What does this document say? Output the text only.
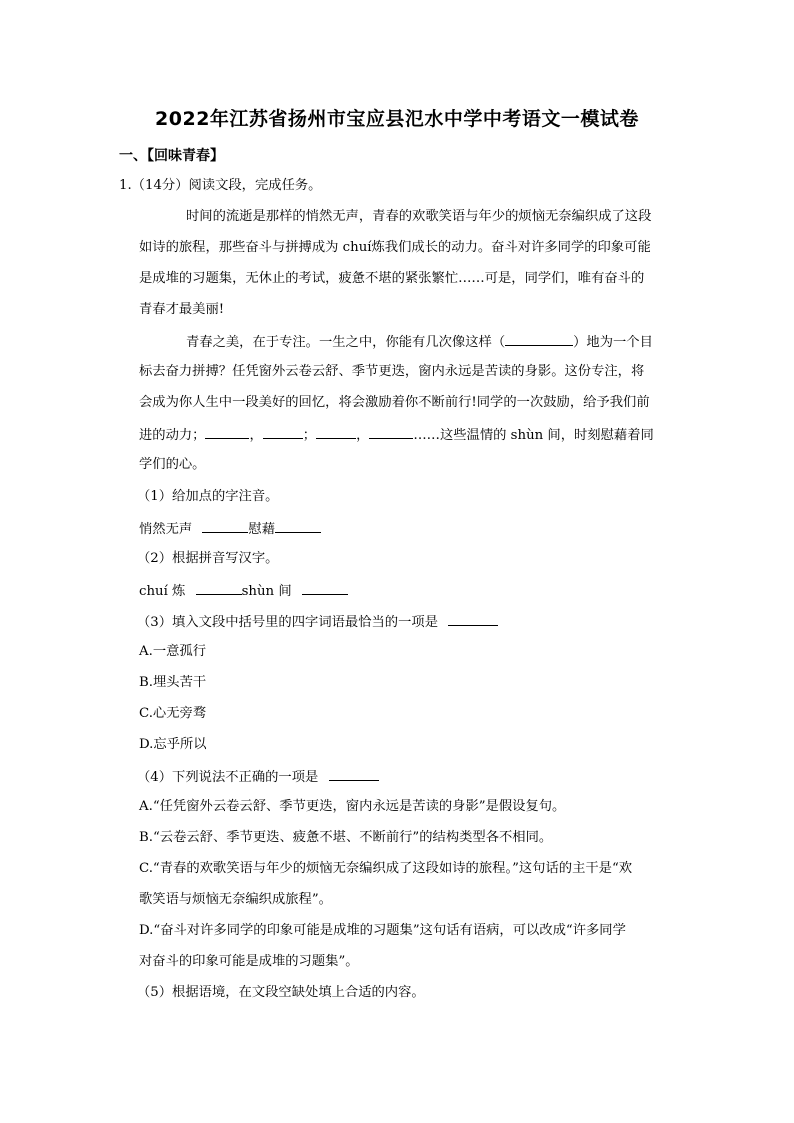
2022年江苏省扬州市宝应县氾水中学中考语文一模试卷
一、【回味青春】
1.（14分）阅读文段，完成任务。
时间的流逝是那样的悄然无声，青春的欢歌笑语与年少的烦恼无奈编织成了这段
如诗的旅程，那些奋斗与拼搏成为 chuí炼我们成长的动力。奋斗对许多同学的印象可能
是成堆的习题集，无休止的考试，疲惫不堪的紧张繁忙……可是，同学们，唯有奋斗的
青春才最美丽!
青春之美，在于专注。一生之中，你能有几次像这样（	）地为一个目
标去奋力拼搏？任凭窗外云卷云舒、季节更迭，窗内永远是苦读的身影。这份专注，将
会成为你人生中一段美好的回忆，将会激励着你不断前行!同学的一次鼓励，给予我们前
进的动力；	，	；	，	……这些温情的 shùn 间，时刻慰藉着同
学们的心。
（1）给加点的字注音。
悄然无声	慰藉
（2）根据拼音写汉字。
chuí 炼	shùn 间
（3）填入文段中括号里的四字词语最恰当的一项是
A.一意孤行
B.埋头苦干
C.心无旁骛
D.忘乎所以
（4）下列说法不正确的一项是
A.“任凭窗外云卷云舒、季节更迭，窗内永远是苦读的身影”是假设复句。
B.“云卷云舒、季节更迭、疲惫不堪、不断前行”的结构类型各不相同。
C.“青春的欢歌笑语与年少的烦恼无奈编织成了这段如诗的旅程。”这句话的主干是“欢
歌笑语与烦恼无奈编织成旅程”。
D.“奋斗对许多同学的印象可能是成堆的习题集”这句话有语病，可以改成“许多同学
对奋斗的印象可能是成堆的习题集”。
（5）根据语境，在文段空缺处填上合适的内容。
